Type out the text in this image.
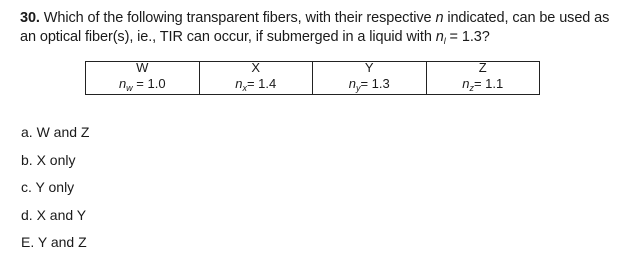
30. Which of the following transparent fibers, with their respective n indicated, can be used as
an optical fiber(s), ie., TIR can occur, if submerged in a liquid with $n_l = 1.3$?
W
$n_w = 1.0$
X
$n_x= 1.4$
Y
$n_y= 1.3$
Z
$n_z= 1.1$
a. W and Z
b. X only
c. Y only
d. X and Y
E. Y and Z
